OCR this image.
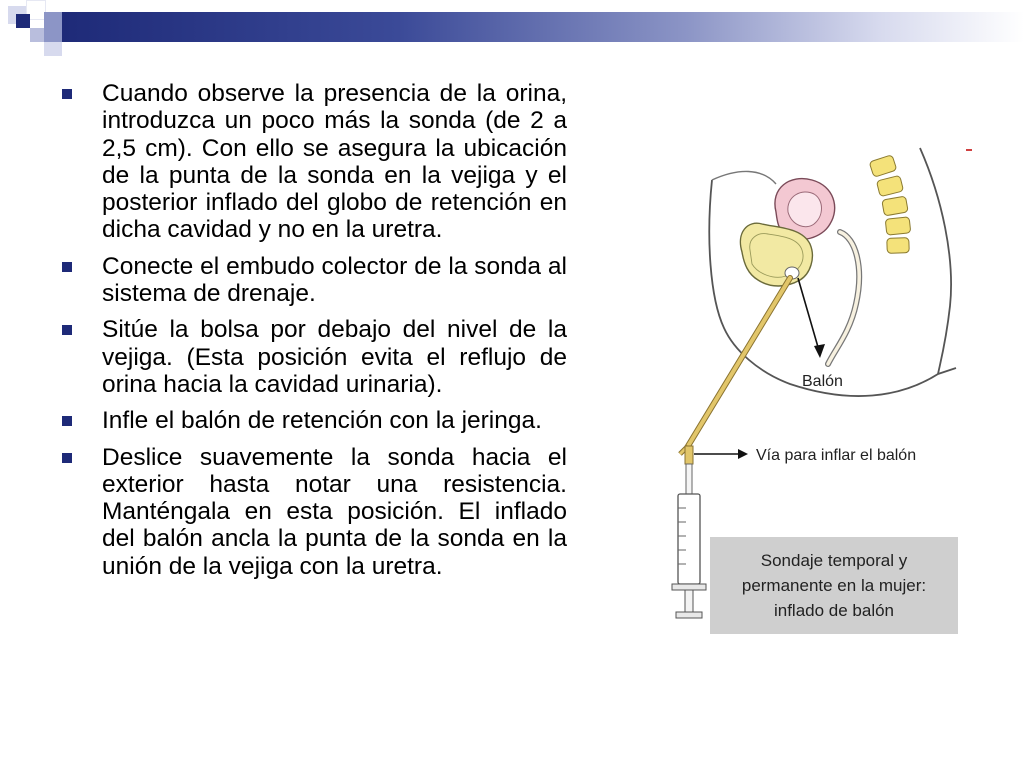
Cuando observe la presencia de la orina, introduzca un poco más la sonda (de 2 a 2,5 cm). Con ello se asegura la ubicación de la punta de la sonda en la vejiga y el posterior inflado del globo de retención en dicha cavidad y no en la uretra.
Conecte el embudo colector de la sonda al sistema de drenaje.
Sitúe la bolsa por debajo del nivel de la vejiga. (Esta posición evita el reflujo de orina hacia la cavidad urinaria).
Infle el balón de retención con la jeringa.
Deslice suavemente la sonda hacia el exterior hasta notar una resistencia. Manténgala en esta posición. El inflado del balón ancla la punta de la sonda en la unión de la vejiga con la uretra.
Balón
Vía para inflar el balón
Sondaje temporal y
permanente en la mujer:
inflado de balón
